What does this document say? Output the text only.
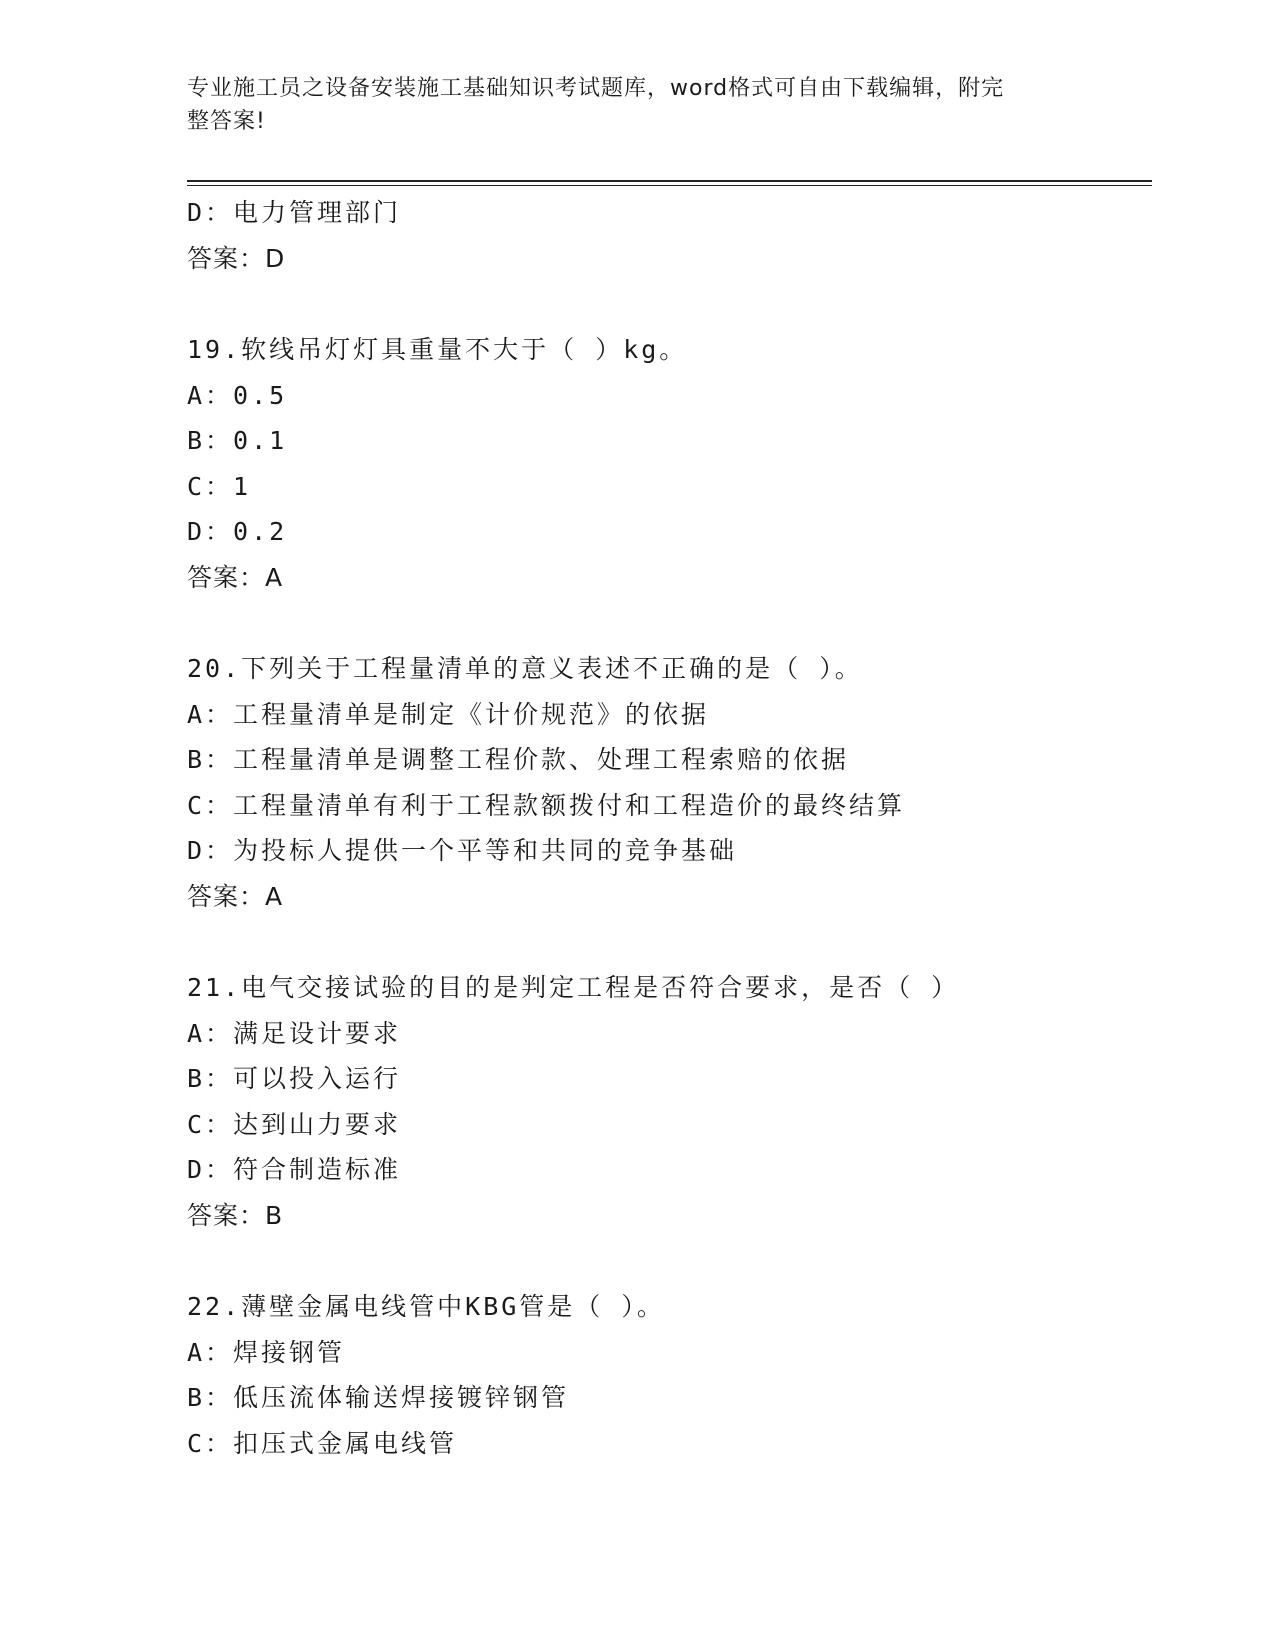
专业施工员之设备安装施工基础知识考试题库，word格式可自由下载编辑，附完
整答案!
D：电力管理部门
答案：D
19.软线吊灯灯具重量不大于（ ）kg。
A：0.5
B：0.1
C：1
D：0.2
答案：A
20.下列关于工程量清单的意义表述不正确的是（ ）。
A：工程量清单是制定《计价规范》的依据
B：工程量清单是调整工程价款、处理工程索赔的依据
C：工程量清单有利于工程款额拨付和工程造价的最终结算
D：为投标人提供一个平等和共同的竞争基础
答案：A
21.电气交接试验的目的是判定工程是否符合要求，是否（ ）
A：满足设计要求
B：可以投入运行
C：达到山力要求
D：符合制造标准
答案：B
22.薄壁金属电线管中KBG管是（ ）。
A：焊接钢管
B：低压流体输送焊接镀锌钢管
C：扣压式金属电线管
